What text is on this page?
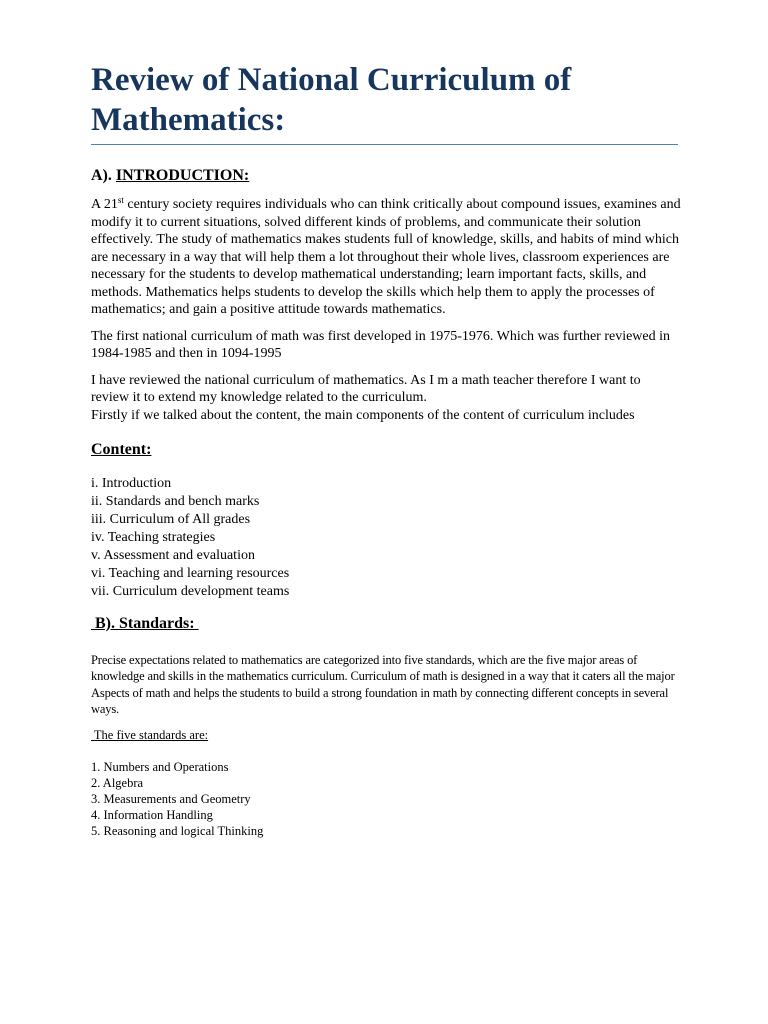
Review of National Curriculum of Mathematics:
A). INTRODUCTION:

A 21st century society requires individuals who can think critically about compound issues, examines and modify it to current situations, solved different kinds of problems, and communicate their solution effectively. The study of mathematics makes students full of knowledge, skills, and habits of mind which are necessary in a way that will help them a lot throughout their whole lives, classroom experiences are necessary for the students to develop mathematical understanding; learn important facts, skills, and methods. Mathematics helps students to develop the skills which help them to apply the processes of mathematics; and gain a positive attitude towards mathematics.

The first national curriculum of math was first developed in 1975-1976. Which was further reviewed in 1984-1985 and then in 1094-1995

I have reviewed the national curriculum of mathematics. As I m a math teacher therefore I want to review it to extend my knowledge related to the curriculum.
Firstly if we talked about the content, the main components of the content of curriculum includes

Content:
i. Introduction
ii. Standards and bench marks
iii. Curriculum of All grades
iv. Teaching strategies
v. Assessment and evaluation
vi. Teaching and learning resources
vii. Curriculum development teams
B). Standards:

Precise expectations related to mathematics are categorized into five standards, which are the five major areas of knowledge and skills in the mathematics curriculum. Curriculum of math is designed in a way that it caters all the major Aspects of math and helps the students to build a strong foundation in math by connecting different concepts in several ways.

The five standards are:

1. Numbers and Operations
2. Algebra
3. Measurements and Geometry
4. Information Handling
5. Reasoning and logical Thinking
